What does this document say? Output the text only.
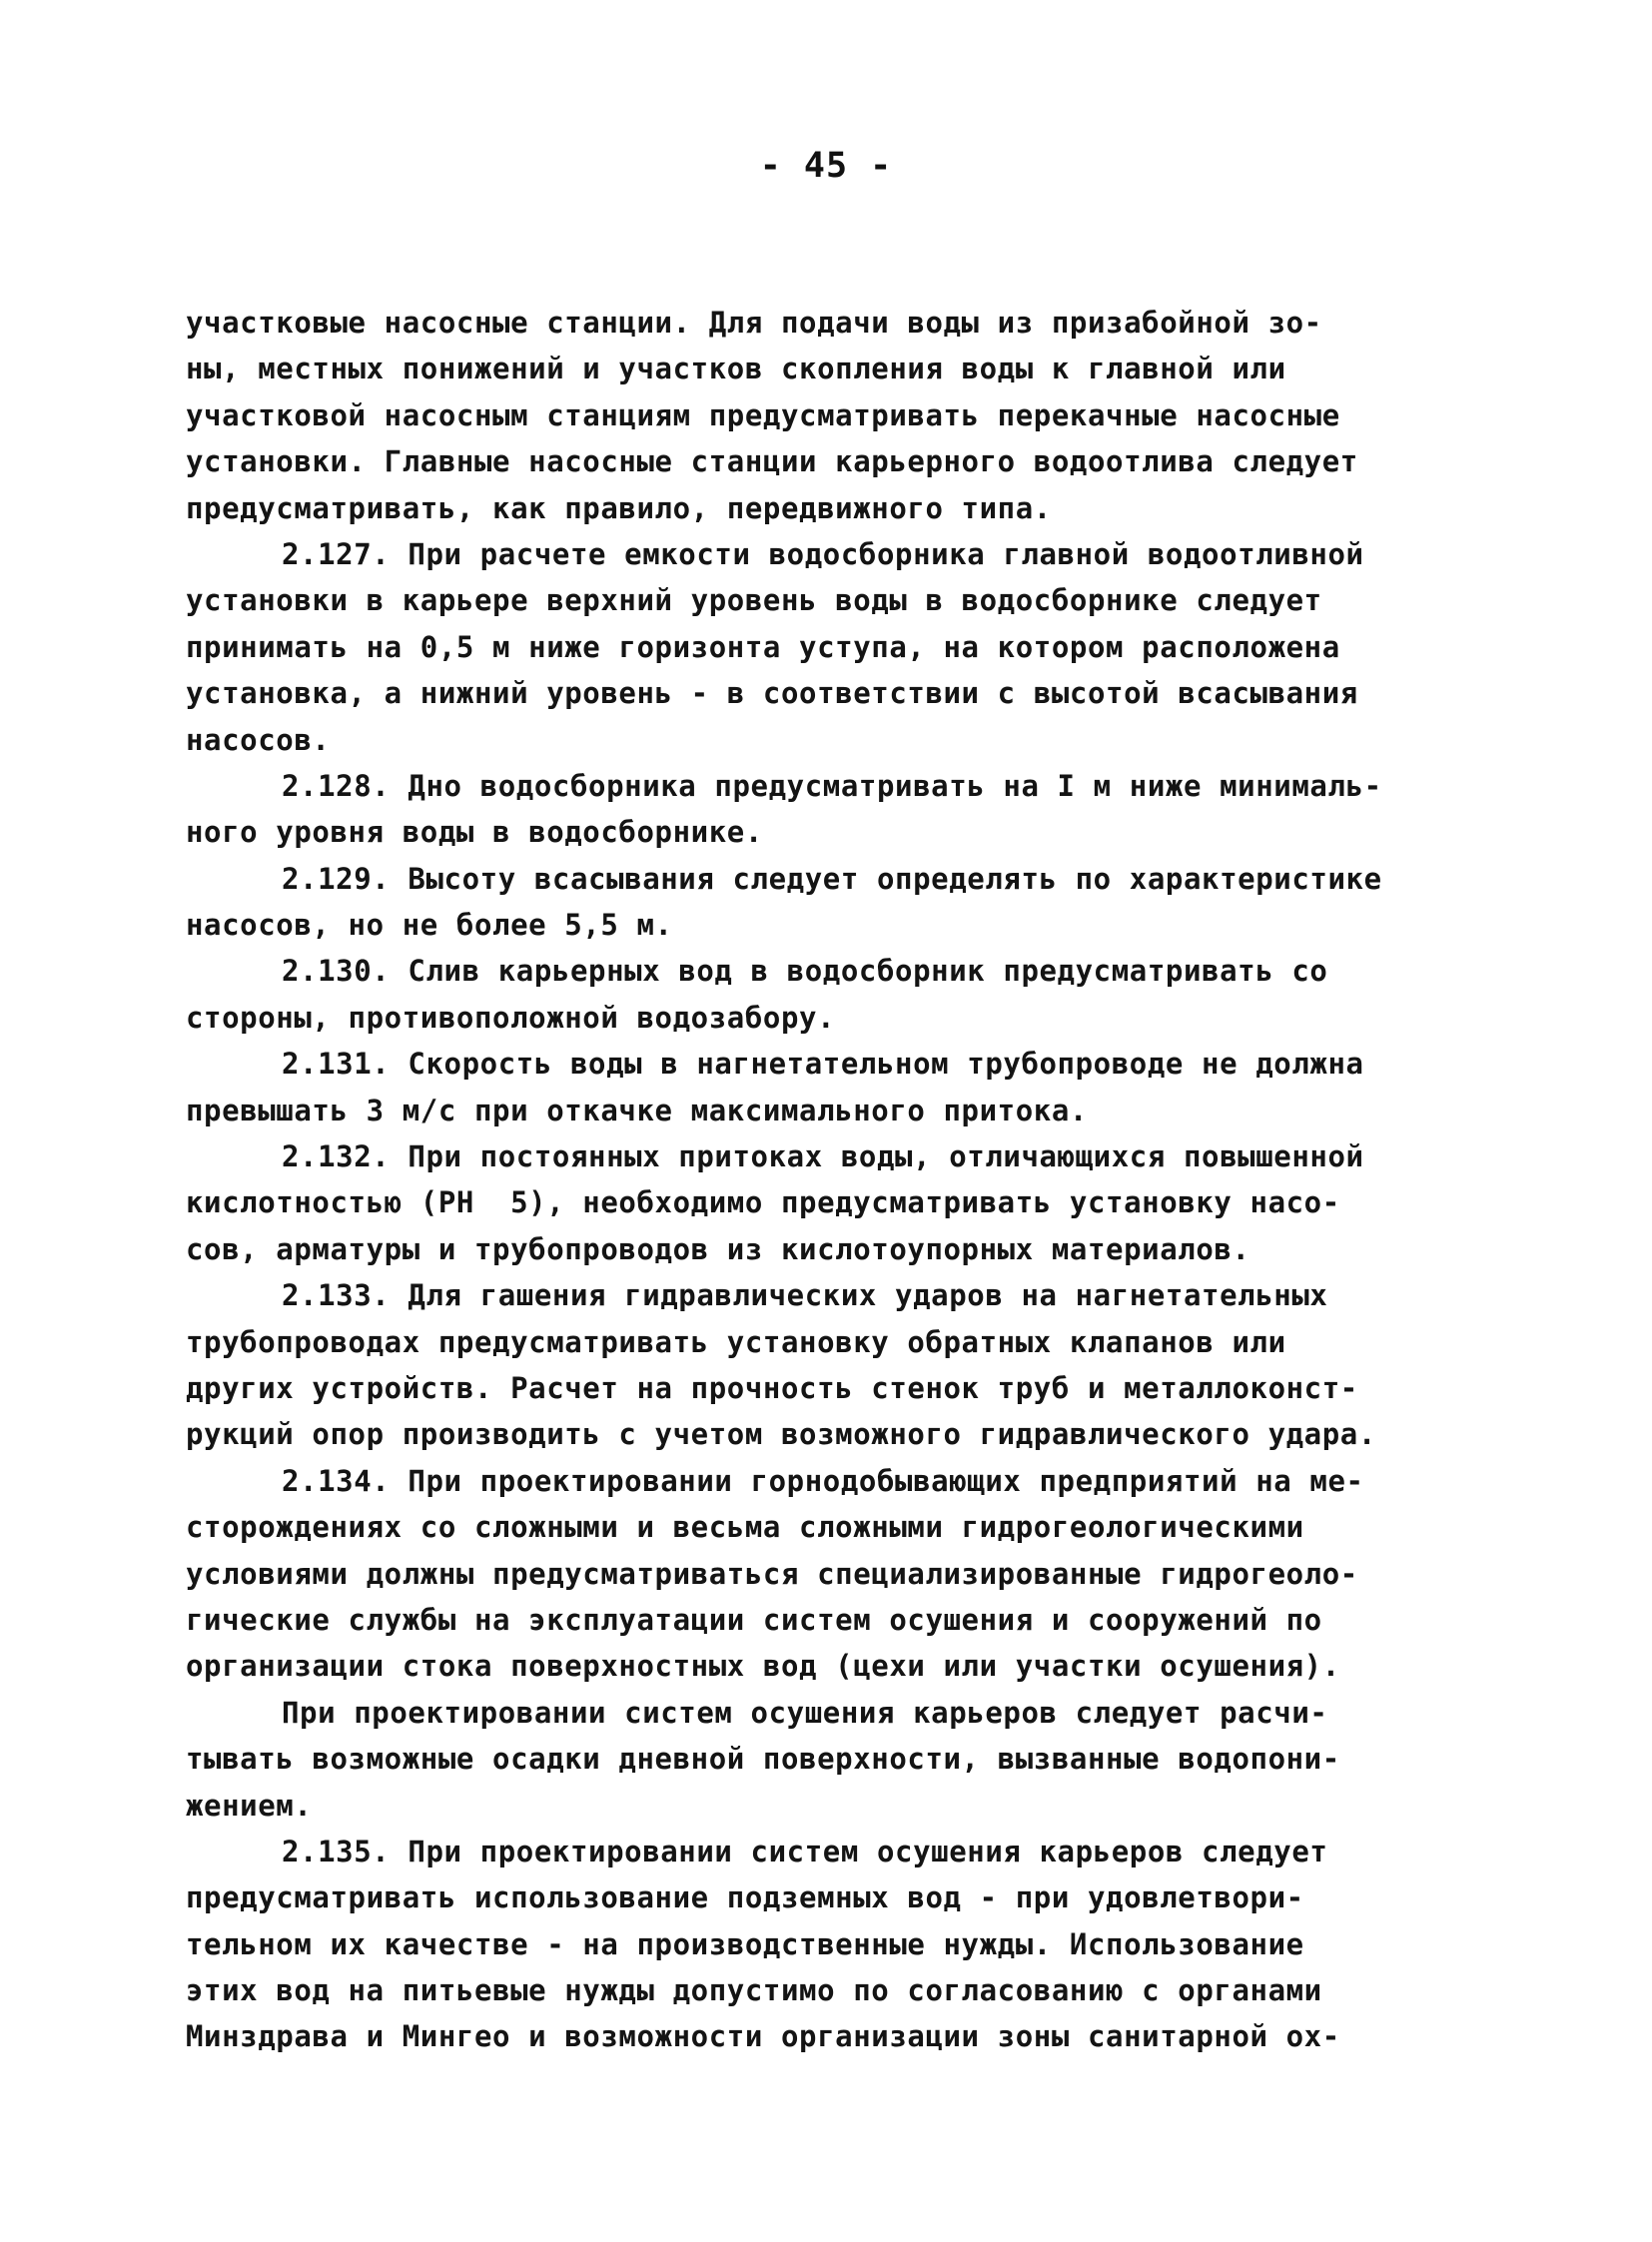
- 45 -
участковые насосные станции. Для подачи воды из призабойной зо-
ны, местных понижений и участков скопления воды к главной или
участковой насосным станциям предусматривать перекачные насосные
установки. Главные насосные станции карьерного водоотлива следует
предусматривать, как правило, передвижного типа.
2.127. При расчете емкости водосборника главной водоотливной
установки в карьере верхний уровень воды в водосборнике следует
принимать на 0,5 м ниже горизонта уступа, на котором расположена
установка, а нижний уровень - в соответствии с высотой всасывания
насосов.
2.128. Дно водосборника предусматривать на I м ниже минималь-
ного уровня воды в водосборнике.
2.129. Высоту всасывания следует определять по характеристике
насосов, но не более 5,5 м.
2.130. Слив карьерных вод в водосборник предусматривать со
стороны, противоположной водозабору.
2.131. Скорость воды в нагнетательном трубопроводе не должна
превышать 3 м/с при откачке максимального притока.
2.132. При постоянных притоках воды, отличающихся повышенной
кислотностью (PH  5), необходимо предусматривать установку насо-
сов, арматуры и трубопроводов из кислотоупорных материалов.
2.133. Для гашения гидравлических ударов на нагнетательных
трубопроводах предусматривать установку обратных клапанов или
других устройств. Расчет на прочность стенок труб и металлоконст-
рукций опор производить с учетом возможного гидравлического удара.
2.134. При проектировании горнодобывающих предприятий на ме-
сторождениях со сложными и весьма сложными гидрогеологическими
условиями должны предусматриваться специализированные гидрогеоло-
гические службы на эксплуатации систем осушения и сооружений по
организации стока поверхностных вод (цехи или участки осушения).
При проектировании систем осушения карьеров следует расчи-
тывать возможные осадки дневной поверхности, вызванные водопони-
жением.
2.135. При проектировании систем осушения карьеров следует
предусматривать использование подземных вод - при удовлетвори-
тельном их качестве - на производственные нужды. Использование
этих вод на питьевые нужды допустимо по согласованию с органами
Минздрава и Мингео и возможности организации зоны санитарной ох-
